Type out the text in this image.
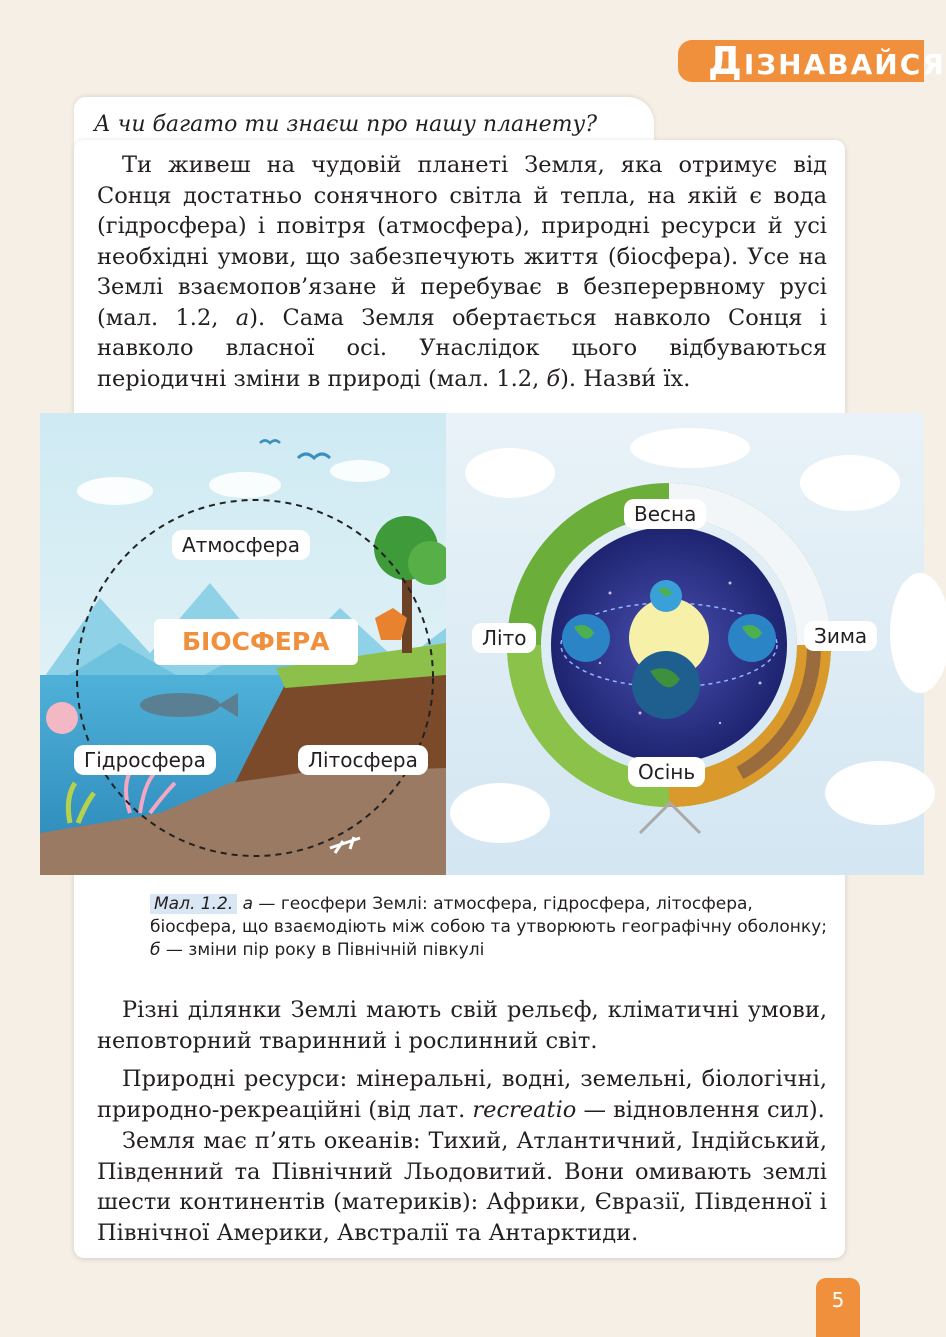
ДІЗНАВАЙСЯ
А чи багато ти знаєш про нашу планету?

Ти живеш на чудовій планеті Земля, яка отримує від Сонця достатньо сонячного світла й тепла, на якій є вода (гідросфера) і повітря (атмосфера), природні ресурси й усі необхідні умови, що забезпечують життя (біосфера). Усе на Землі взаємопов’язане й перебуває в безперервному русі (мал. 1.2, а). Сама Земля обертається навколо Сонця і навколо власної осі. Унаслідок цього відбуваються періодичні зміни в природі (мал. 1.2, б). Назви́ їх.

Атмосфера
БІОСФЕРА
Гідросфера	Літосфера
Весна
Літо	Зима
Осінь

Мал. 1.2. а — геосфери Землі: атмосфера, гідросфера, літосфера, біосфера, що взаємодіють між собою та утворюють географічну оболонку; б — зміни пір року в Північній півкулі

Різні ділянки Землі мають свій рельєф, кліматичні умови, неповторний тваринний і рослинний світ.

Природні ресурси: мінеральні, водні, земельні, біологічні, природно-рекреаційні (від лат. recreatio — відновлення сил).

Земля має п’ять океанів: Тихий, Атлантичний, Індійський, Південний та Північний Льодовитий. Вони омивають землі шести континентів (материків): Африки, Євразії, Південної і Північної Америки, Австралії та Антарктиди.

5
